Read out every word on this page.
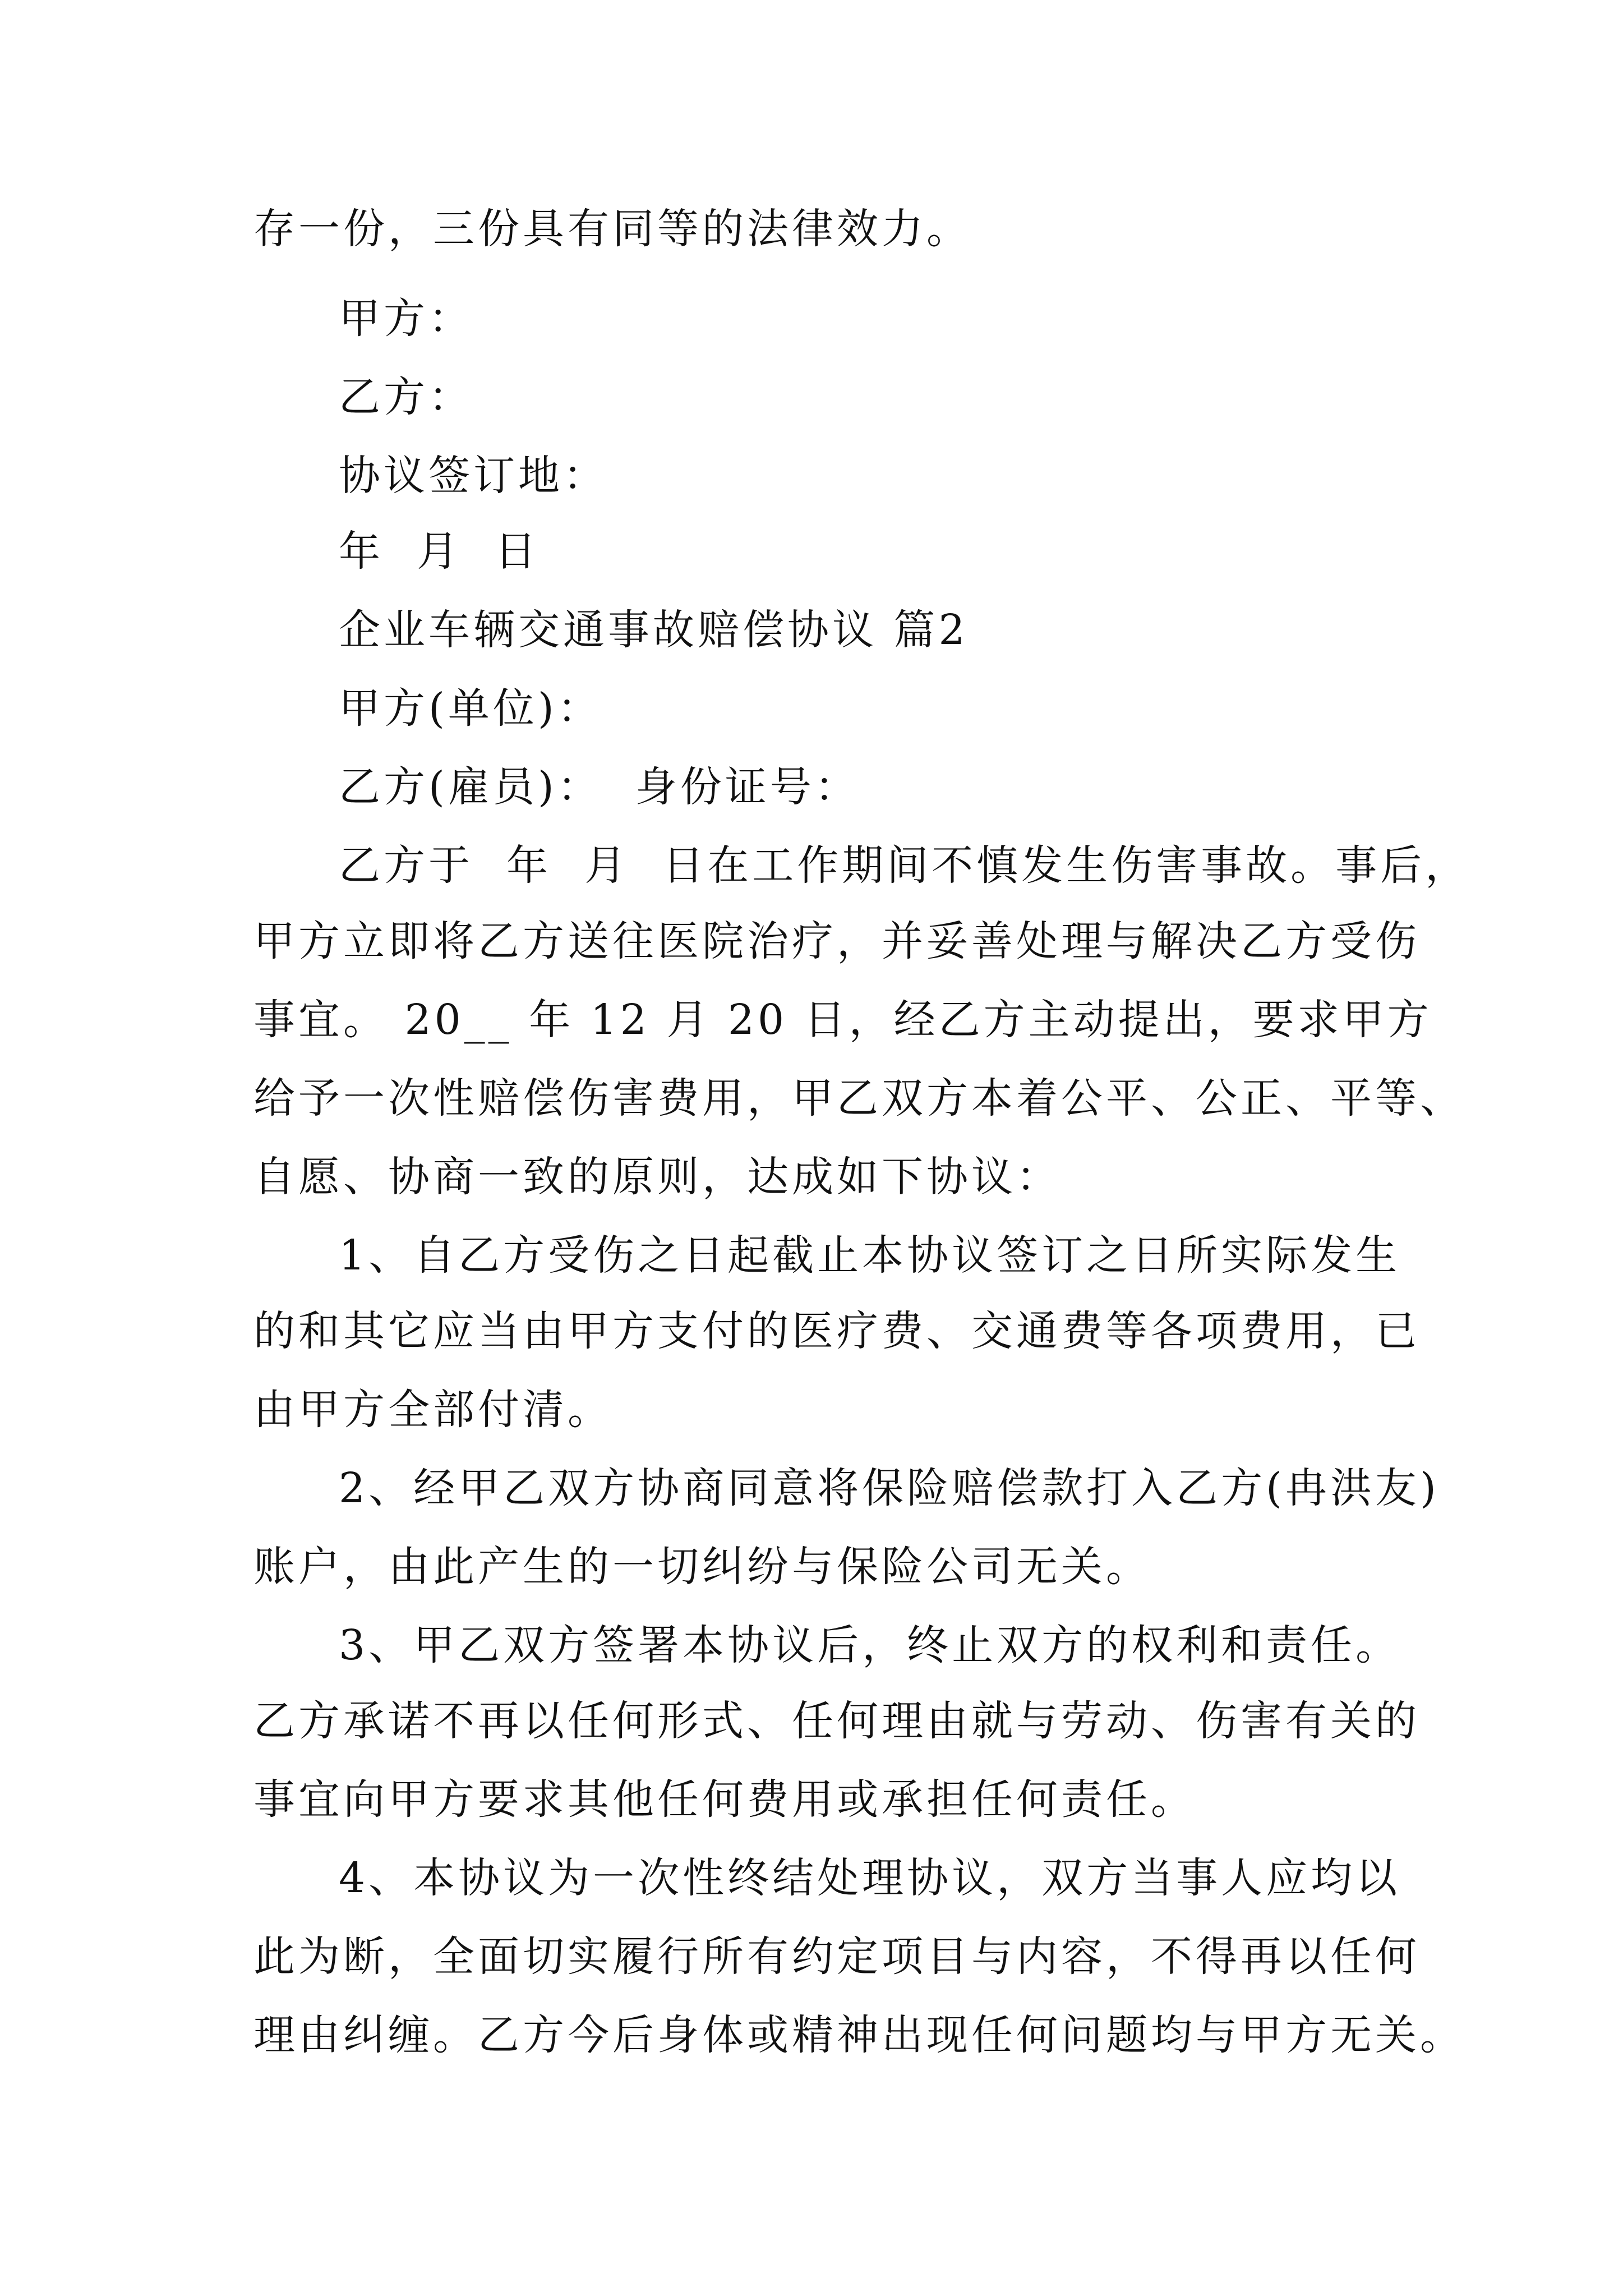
存一份，三份具有同等的法律效力。
甲方：
乙方：
协议签订地：
年  月  日
企业车辆交通事故赔偿协议 篇2
甲方(单位)：
乙方(雇员)：  身份证号：
乙方于  年  月  日在工作期间不慎发生伤害事故。事后，
甲方立即将乙方送往医院治疗，并妥善处理与解决乙方受伤
事宜。 20__ 年 12 月 20 日，经乙方主动提出，要求甲方
给予一次性赔偿伤害费用，甲乙双方本着公平、公正、平等、
自愿、协商一致的原则，达成如下协议：
1、自乙方受伤之日起截止本协议签订之日所实际发生
的和其它应当由甲方支付的医疗费、交通费等各项费用，已
由甲方全部付清。
2、经甲乙双方协商同意将保险赔偿款打入乙方(冉洪友)
账户，由此产生的一切纠纷与保险公司无关。
3、甲乙双方签署本协议后，终止双方的权利和责任。
乙方承诺不再以任何形式、任何理由就与劳动、伤害有关的
事宜向甲方要求其他任何费用或承担任何责任。
4、本协议为一次性终结处理协议，双方当事人应均以
此为断，全面切实履行所有约定项目与内容，不得再以任何
理由纠缠。乙方今后身体或精神出现任何问题均与甲方无关。
